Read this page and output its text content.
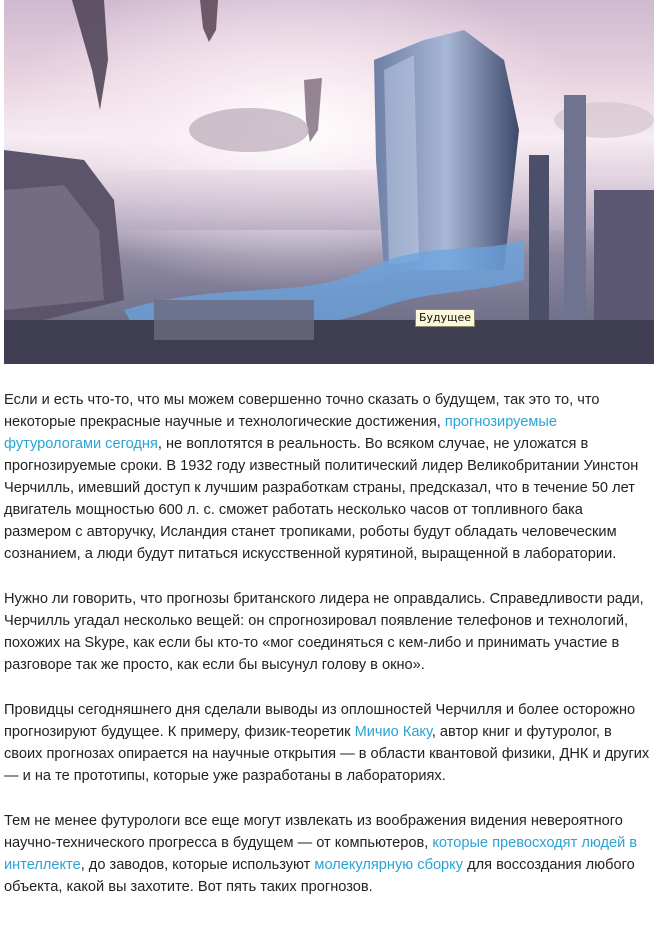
Будущее

Если и есть что-то, что мы можем совершенно точно сказать о будущем, так это то, что некоторые прекрасные научные и технологические достижения, прогнозируемые футурологами сегодня, не воплотятся в реальность. Во всяком случае, не уложатся в прогнозируемые сроки. В 1932 году известный политический лидер Великобритании Уинстон Черчилль, имевший доступ к лучшим разработкам страны, предсказал, что в течение 50 лет двигатель мощностью 600 л. с. сможет работать несколько часов от топливного бака размером с авторучку, Исландия станет тропиками, роботы будут обладать человеческим сознанием, а люди будут питаться искусственной курятиной, выращенной в лаборатории.

Нужно ли говорить, что прогнозы британского лидера не оправдались. Справедливости ради, Черчилль угадал несколько вещей: он спрогнозировал появление телефонов и технологий, похожих на Skype, как если бы кто-то «мог соединяться с кем-либо и принимать участие в разговоре так же просто, как если бы высунул голову в окно».

Провидцы сегодняшнего дня сделали выводы из оплошностей Черчилля и более осторожно прогнозируют будущее. К примеру, физик-теоретик Мичио Каку, автор книг и футуролог, в своих прогнозах опирается на научные открытия — в области квантовой физики, ДНК и других — и на те прототипы, которые уже разработаны в лабораториях.

Тем не менее футурологи все еще могут извлекать из воображения видения невероятного научно-технического прогресса в будущем — от компьютеров, которые превосходят людей в интеллекте, до заводов, которые используют молекулярную сборку для воссоздания любого объекта, какой вы захотите. Вот пять таких прогнозов.
